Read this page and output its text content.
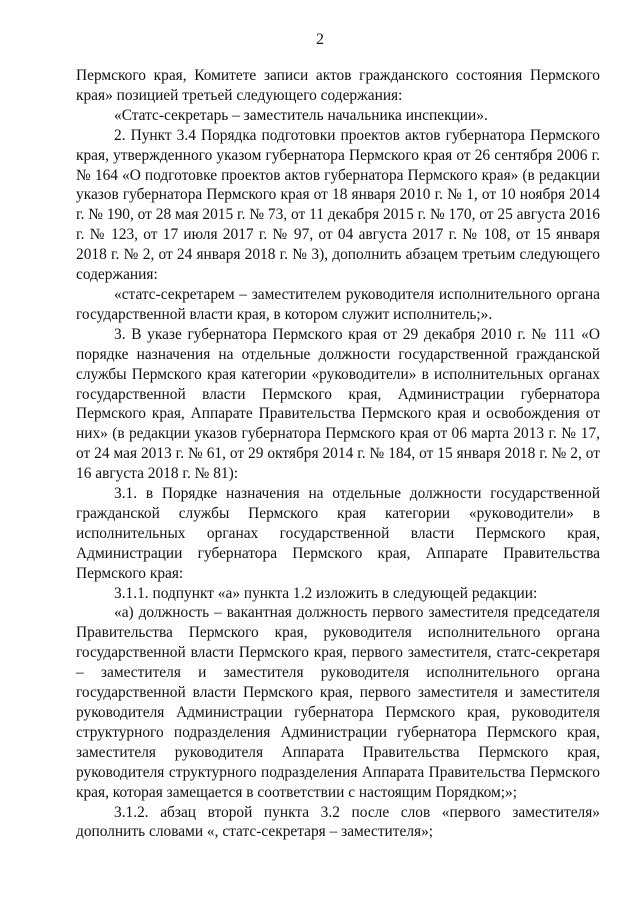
2

Пермского края, Комитете записи актов гражданского состояния Пермского края» позицией третьей следующего содержания:

«Статс-секретарь – заместитель начальника инспекции».

2. Пункт 3.4 Порядка подготовки проектов актов губернатора Пермского края, утвержденного указом губернатора Пермского края от 26 сентября 2006 г. № 164 «О подготовке проектов актов губернатора Пермского края» (в редакции указов губернатора Пермского края от 18 января 2010 г. № 1, от 10 ноября 2014 г. № 190, от 28 мая 2015 г. № 73, от 11 декабря 2015 г. № 170, от 25 августа 2016 г. № 123, от 17 июля 2017 г. № 97, от 04 августа 2017 г. № 108, от 15 января 2018 г. № 2, от 24 января 2018 г. № 3), дополнить абзацем третьим следующего содержания:

«статс-секретарем – заместителем руководителя исполнительного органа государственной власти края, в котором служит исполнитель;».

3. В указе губернатора Пермского края от 29 декабря 2010 г. № 111 «О порядке назначения на отдельные должности государственной гражданской службы Пермского края категории «руководители» в исполнительных органах государственной власти Пермского края, Администрации губернатора Пермского края, Аппарате Правительства Пермского края и освобождения от них» (в редакции указов губернатора Пермского края от 06 марта 2013 г. № 17, от 24 мая 2013 г. № 61, от 29 октября 2014 г. № 184, от 15 января 2018 г. № 2, от 16 августа 2018 г. № 81):

3.1. в Порядке назначения на отдельные должности государственной гражданской службы Пермского края категории «руководители» в исполнительных органах государственной власти Пермского края, Администрации губернатора Пермского края, Аппарате Правительства Пермского края:

3.1.1. подпункт «а» пункта 1.2 изложить в следующей редакции:

«а) должность – вакантная должность первого заместителя председателя Правительства Пермского края, руководителя исполнительного органа государственной власти Пермского края, первого заместителя, статс-секретаря – заместителя и заместителя руководителя исполнительного органа государственной власти Пермского края, первого заместителя и заместителя руководителя Администрации губернатора Пермского края, руководителя структурного подразделения Администрации губернатора Пермского края, заместителя руководителя Аппарата Правительства Пермского края, руководителя структурного подразделения Аппарата Правительства Пермского края, которая замещается в соответствии с настоящим Порядком;»;

3.1.2. абзац второй пункта 3.2 после слов «первого заместителя» дополнить словами «, статс-секретаря – заместителя»;
